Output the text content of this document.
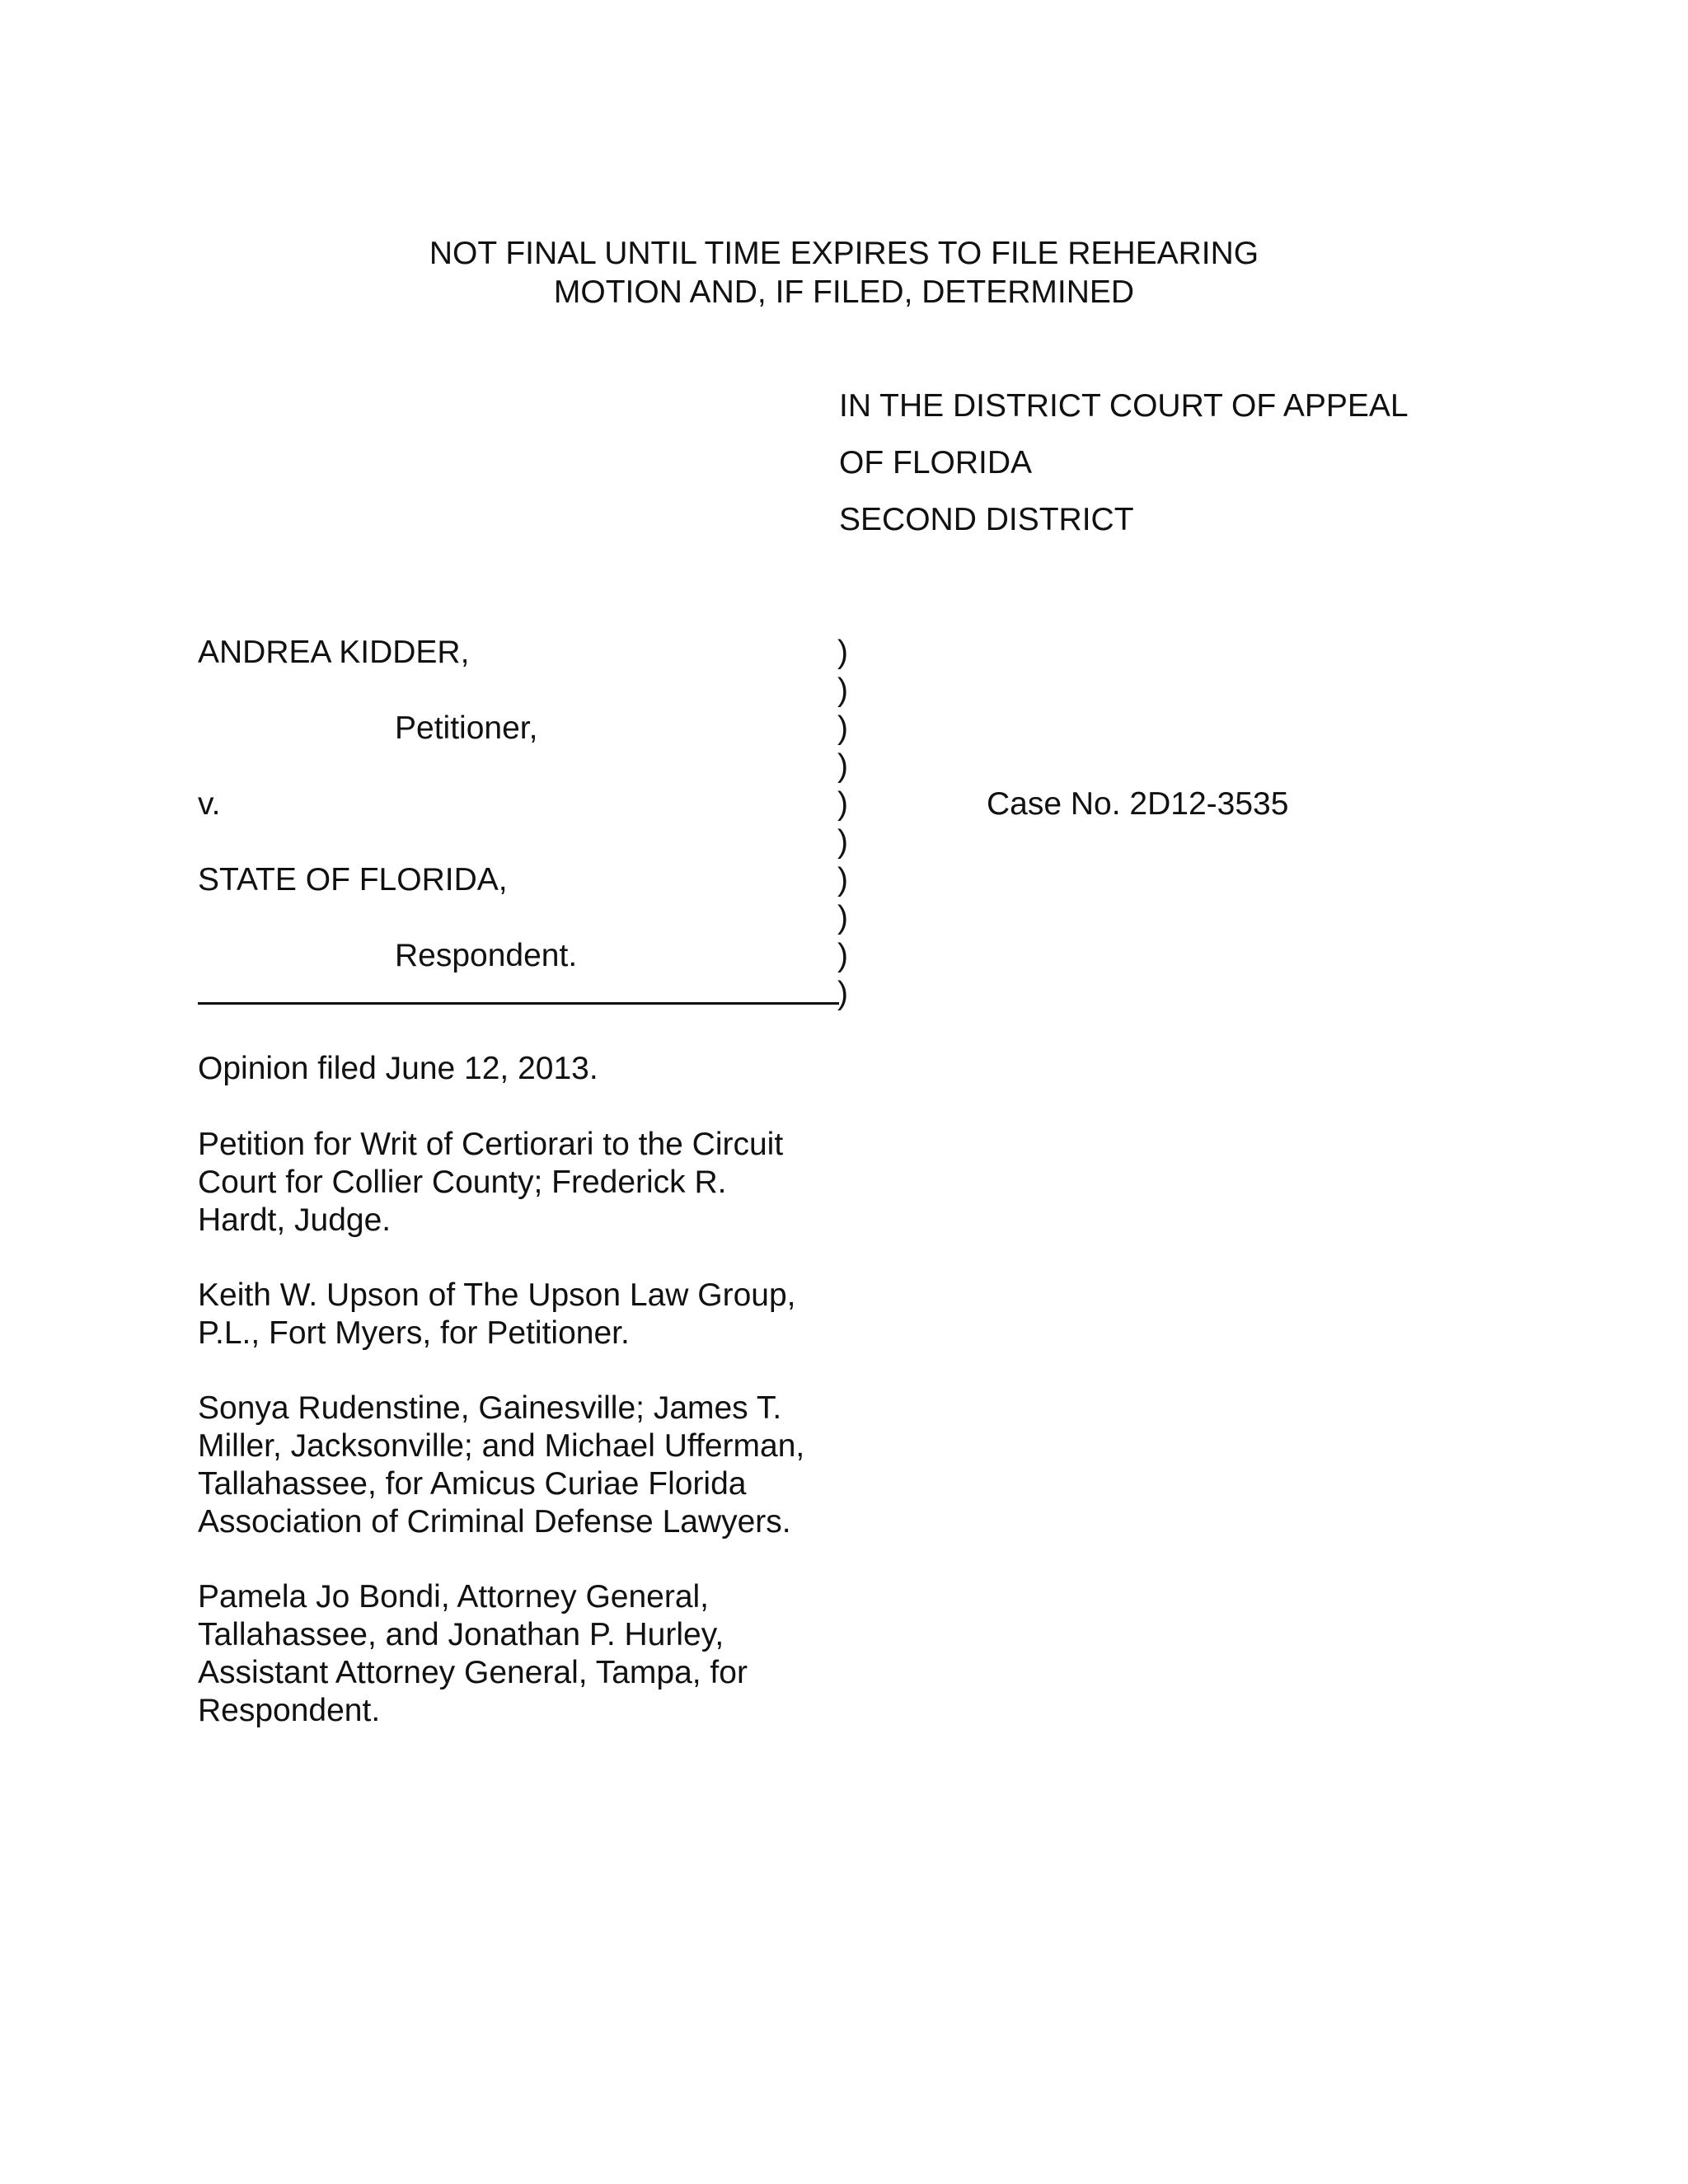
NOT FINAL UNTIL TIME EXPIRES TO FILE REHEARING
MOTION AND, IF FILED, DETERMINED
IN THE DISTRICT COURT OF APPEAL
OF FLORIDA
SECOND DISTRICT
ANDREA KIDDER,
Petitioner,
v.
STATE OF FLORIDA,
Respondent.
)
)
)
)
)
)
)
)
)
)
Case No. 2D12-3535
Opinion filed June 12, 2013.
Petition for Writ of Certiorari to the Circuit
Court for Collier County; Frederick R.
Hardt, Judge.
Keith W. Upson of The Upson Law Group,
P.L., Fort Myers, for Petitioner.
Sonya Rudenstine, Gainesville; James T.
Miller, Jacksonville; and Michael Ufferman,
Tallahassee, for Amicus Curiae Florida
Association of Criminal Defense Lawyers.
Pamela Jo Bondi, Attorney General,
Tallahassee, and Jonathan P. Hurley,
Assistant Attorney General, Tampa, for
Respondent.
